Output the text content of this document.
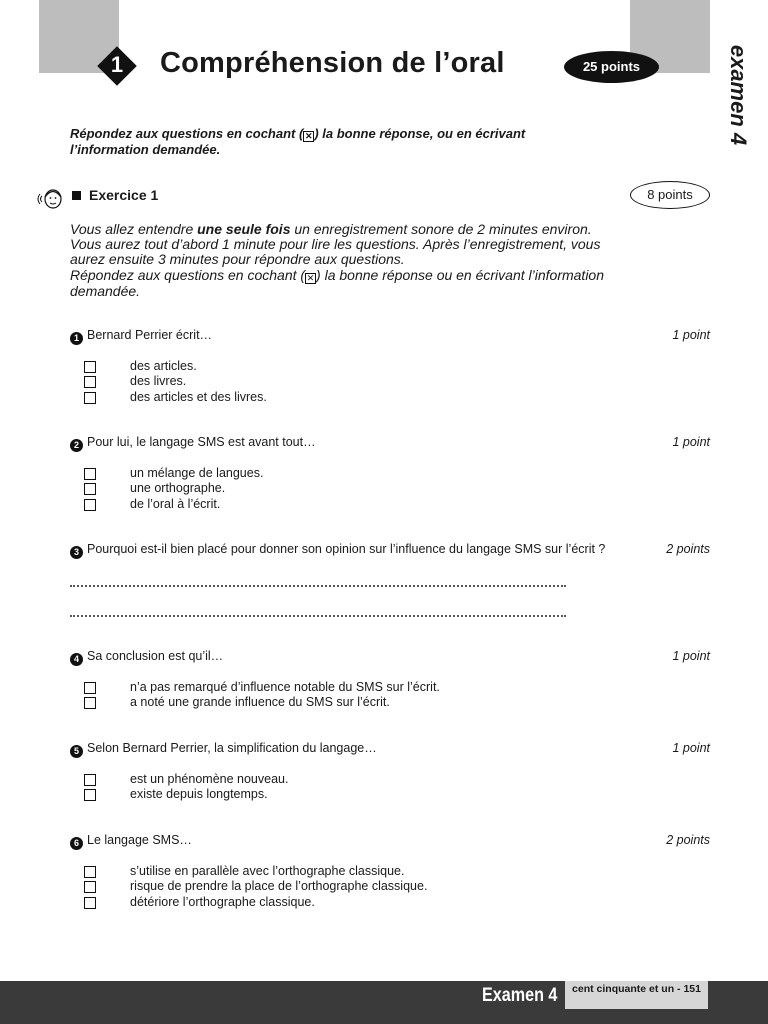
1 Compréhension de l’oral	25 points	examen 4
Répondez aux questions en cochant ( ✕ ) la bonne réponse, ou en écrivant l’information demandée.
Exercice 1	8 points
Vous allez entendre une seule fois un enregistrement sonore de 2 minutes environ.
Vous aurez tout d’abord 1 minute pour lire les questions. Après l’enregistrement, vous aurez ensuite 3 minutes pour répondre aux questions.
Répondez aux questions en cochant ( ✕ ) la bonne réponse ou en écrivant l’information demandée.
1 Bernard Perrier écrit…	1 point
des articles.
des livres.
des articles et des livres.
2 Pour lui, le langage SMS est avant tout…	1 point
un mélange de langues.
une orthographe.
de l’oral à l’écrit.
3 Pourquoi est-il bien placé pour donner son opinion sur l’influence du langage SMS sur l’écrit ?	2 points
4 Sa conclusion est qu’il…	1 point
n’a pas remarqué d’influence notable du SMS sur l’écrit.
a noté une grande influence du SMS sur l’écrit.
5 Selon Bernard Perrier, la simplification du langage…	1 point
est un phénomène nouveau.
existe depuis longtemps.
6 Le langage SMS…	2 points
s’utilise en parallèle avec l’orthographe classique.
risque de prendre la place de l’orthographe classique.
détériore l’orthographe classique.
Examen 4	cent cinquante et un - 151
